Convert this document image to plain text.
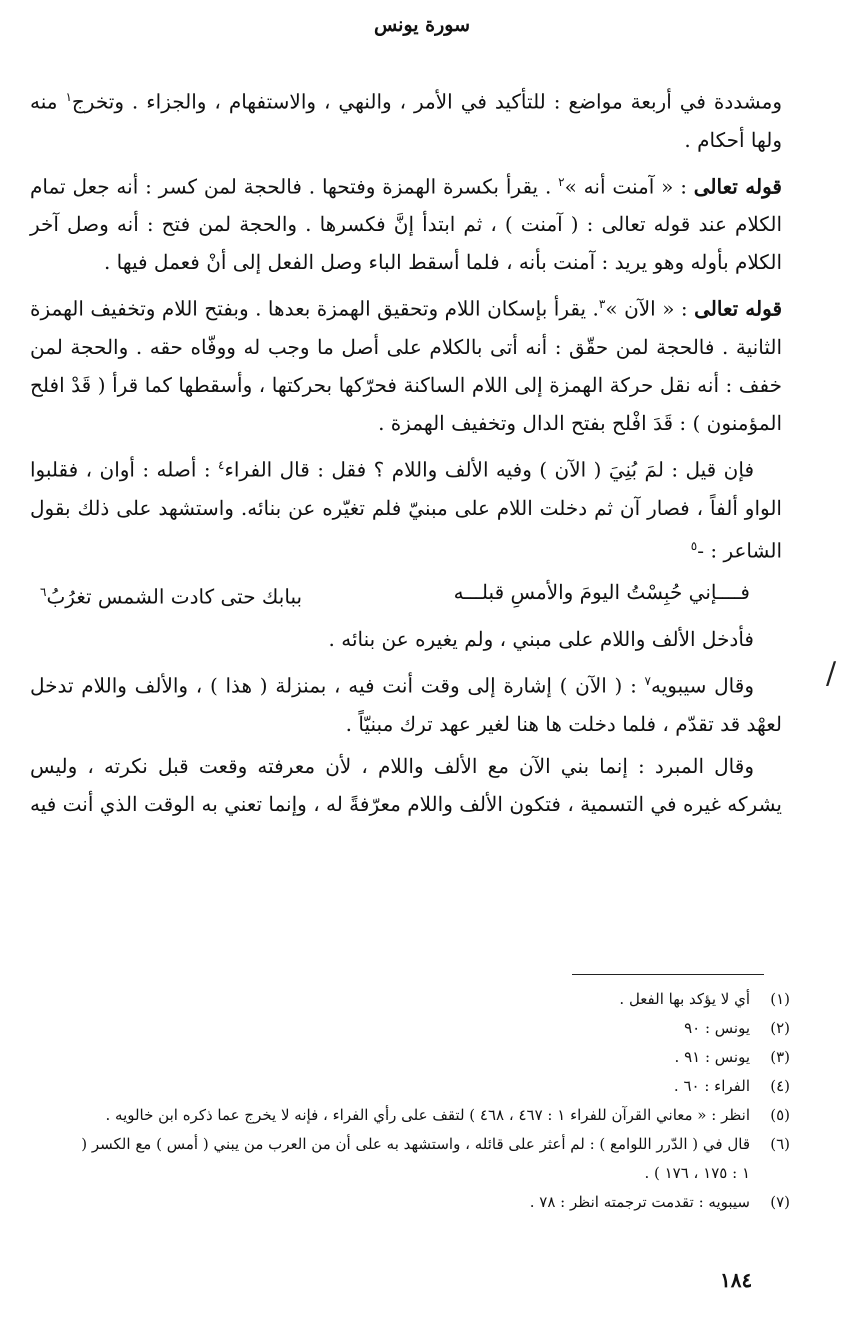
سورة يونس

ومشددة في أربعة مواضع : للتأكيد في الأمر ، والنهي ، والاستفهام ، والجزاء . وتخرج$^١$ منه ولها أحكام .

قوله تعالى : « آمنت أنه »$^٢$ . يقرأ بكسرة الهمزة وفتحها . فالحجة لمن كسر : أنه جعل تمام الكلام عند قوله تعالى : ( آمنت ) ، ثم ابتدأ إنَّ فكسرها . والحجة لمن فتح : أنه وصل آخر الكلام بأوله وهو يريد : آمنت بأنه ، فلما أسقط الباء وصل الفعل إلى أنْ فعمل فيها .

قوله تعالى : « الآن »$^٣$. يقرأ بإسكان اللام وتحقيق الهمزة بعدها . وبفتح اللام وتخفيف الهمزة الثانية . فالحجة لمن حقّق : أنه أتى بالكلام على أصل ما وجب له ووفّاه حقه . والحجة لمن خفف : أنه نقل حركة الهمزة إلى اللام الساكنة فحرّكها بحركتها ، وأسقطها كما قرأ ( قَدْ افلح المؤمنون ) : قَدَ افْلح بفتح الدال وتخفيف الهمزة .

فإن قيل : لمَ بُنِيَ ( الآن ) وفيه الألف واللام ؟ فقل : قال الفراء$^٤$ : أصله : أوان ، فقلبوا الواو ألفاً ، فصار آن ثم دخلت اللام على مبنيّ فلم تغيّره عن بنائه. واستشهد على ذلك بقول الشاعر : -$^٥$

فــــإني حُبِسْتُ اليومَ والأمسِ قبلـــه
ببابك حتى كادت الشمس تغرُبُ$^٦$

فأدخل الألف واللام على مبني ، ولم يغيره عن بنائه .

وقال سيبويه$^٧$ : ( الآن ) إشارة إلى وقت أنت فيه ، بمنزلة ( هذا ) ، والألف واللام تدخل لعهْد قد تقدّم ، فلما دخلت ها هنا لغير عهد ترك مبنيّاً .

وقال المبرد : إنما بني الآن مع الألف واللام ، لأن معرفته وقعت قبل نكرته ، وليس يشركه غيره في التسمية ، فتكون الألف واللام معرّفةً له ، وإنما تعني به الوقت الذي أنت فيه

/
(١)
أي لا يؤكد بها الفعل .
(٢)
يونس : ٩٠
(٣)
يونس : ٩١ .
(٤)
الفراء : ٦٠ .
(٥)
انظر : « معاني القرآن للفراء ١ : ٤٦٧ ، ٤٦٨ ) لتقف على رأي الفراء ، فإنه لا يخرج عما ذكره ابن خالويه .
(٦)
قال في ( الدّرر اللوامع ) : لم أعثر على قائله ، واستشهد به على أن من العرب من يبني ( أمس ) مع الكسر ( ١ : ١٧٥ ، ١٧٦ ) .
(٧)
سيبويه : تقدمت ترجمته انظر : ٧٨ .
١٨٤
